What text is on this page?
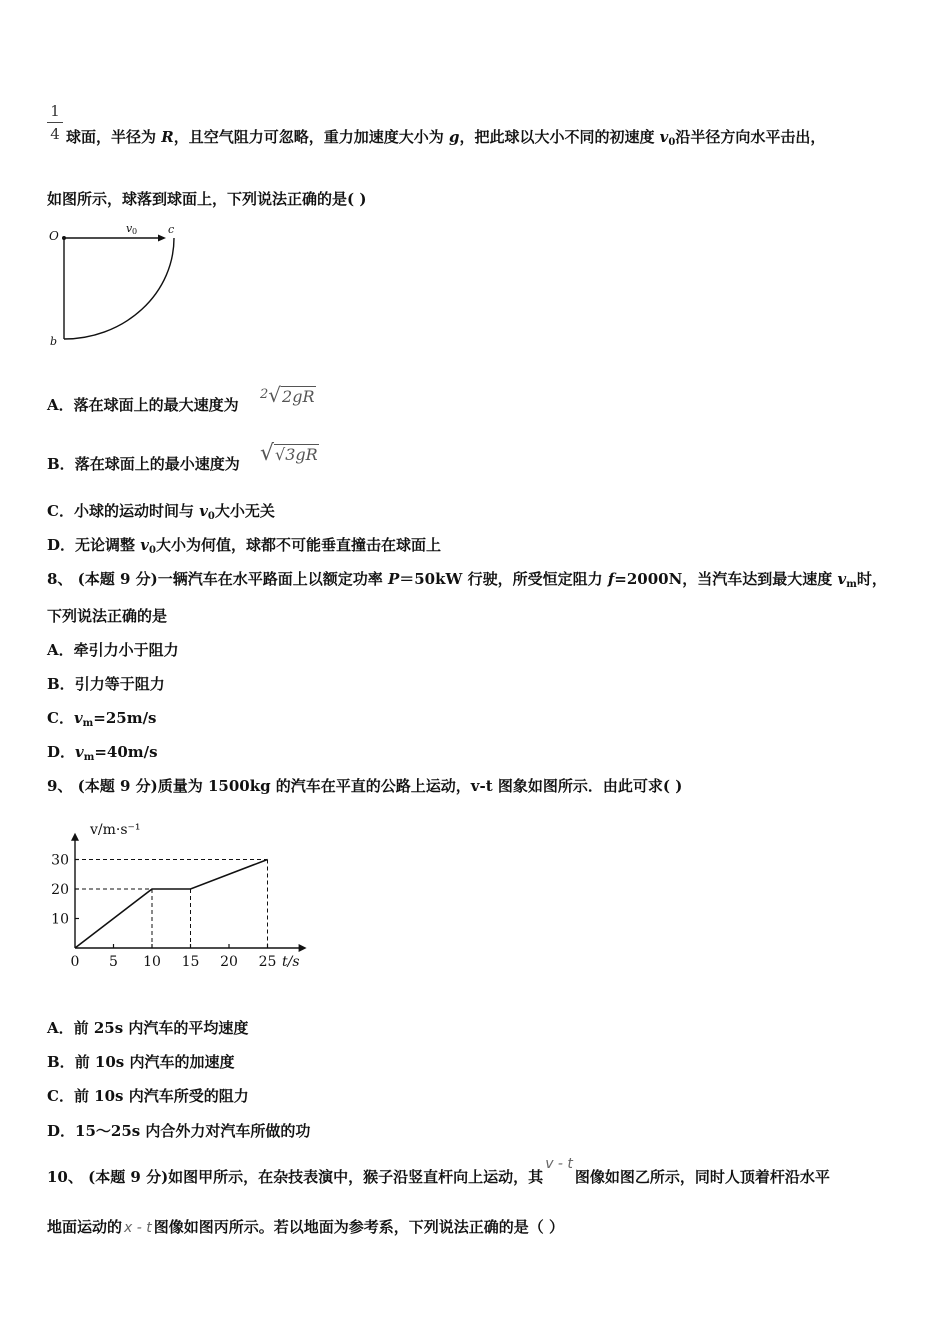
1
4 球面，半径为 R，且空气阻力可忽略，重力加速度大小为 g，把此球以大小不同的初速度 $v_0$沿半径方向水平击出，
如图所示，球落到球面上，下列说法正确的是( )
O
v 0	c
b
A．落在球面上的最大速度为
$^2$√2gR
B．落在球面上的最小速度为 √√3gR
C．小球的运动时间与 $v_0$大小无关
D．无论调整 $v_0$大小为何值，球都不可能垂直撞击在球面上
8、 (本题 9 分)一辆汽车在水平路面上以额定功率 P＝50kW 行驶，所受恒定阻力 f=2000N，当汽车达到最大速度 $v_m$时，
下列说法正确的是
A．牵引力小于阻力
B．引力等于阻力
C．$v_m=25m/s$
D．$v_m=40m/s$
9、 (本题 9 分)质量为 1500kg 的汽车在平直的公路上运动，v-t 图象如图所示．由此可求( )
0 5 10 15 20 25
10
20
30
v/m·s⁻¹
t/s
A．前 25s 内汽车的平均速度
B．前 10s 内汽车的加速度
C．前 10s 内汽车所受的阻力
D．15～25s 内合外力对汽车所做的功
10、 (本题 9 分)如图甲所示，在杂技表演中，猴子沿竖直杆向上运动，其v - t图像如图乙所示，同时人顶着杆沿水平
地面运动的 x - t 图像如图丙所示。若以地面为参考系，下列说法正确的是（ ）
